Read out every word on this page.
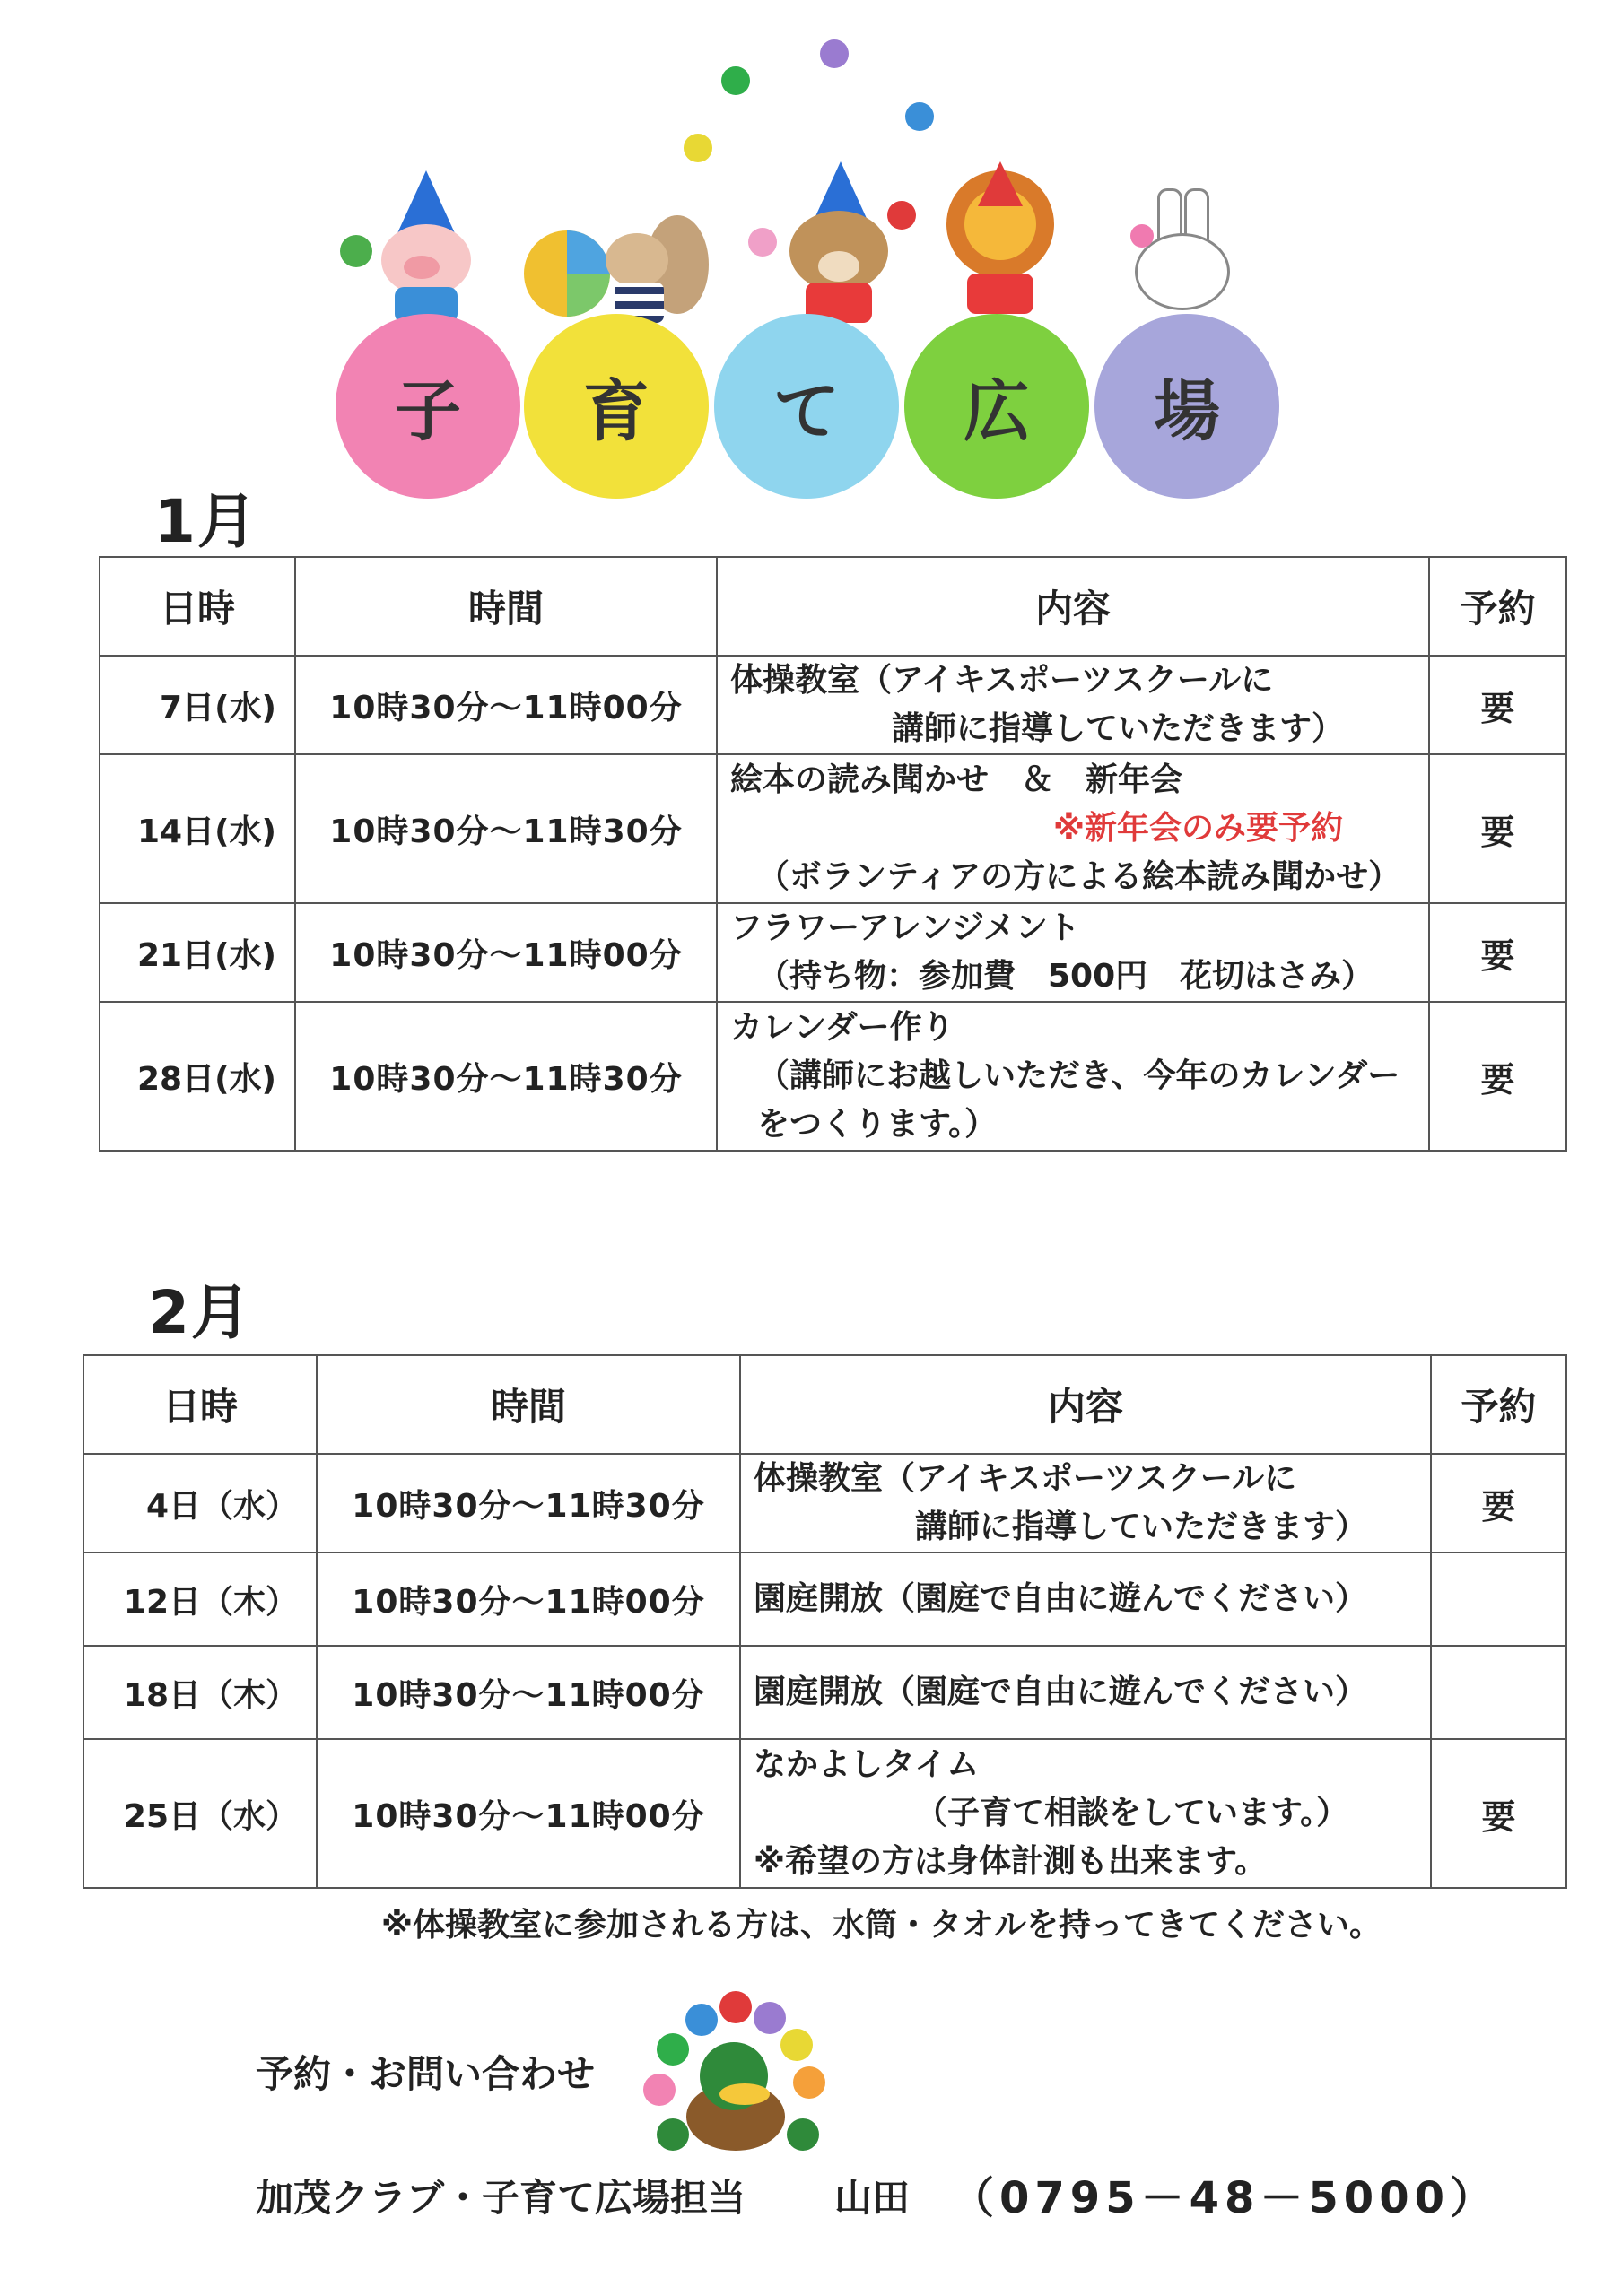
子 育 て 広 場
1月
日時	時間	内容	予約
7日(水)	10時30分～11時00分	体操教室（アイキスポーツスクールに
講師に指導していただきます）	要
14日(水)	10時30分～11時30分	絵本の読み聞かせ　＆　新年会
※新年会のみ要予約
（ボランティアの方による絵本読み聞かせ）	要
21日(水)	10時30分～11時00分	フラワーアレンジメント
（持ち物：参加費　500円　花切はさみ）	要
28日(水)	10時30分～11時30分	カレンダー作り
（講師にお越しいただき、今年のカレンダー
をつくります。）	要
2月
日時	時間	内容	予約
4日（水）	10時30分～11時30分	体操教室（アイキスポーツスクールに
講師に指導していただきます）	要
12日（木）	10時30分～11時00分	園庭開放（園庭で自由に遊んでください）	

18日（木）	10時30分～11時00分	園庭開放（園庭で自由に遊んでください）	

25日（水）	10時30分～11時00分	なかよしタイム
（子育て相談をしています。）
※希望の方は身体計測も出来ます。	要
※体操教室に参加される方は、水筒・タオルを持ってきてください。
予約・お問い合わせ
加茂クラブ・子育て広場担当 山田 （0795－48－5000）
